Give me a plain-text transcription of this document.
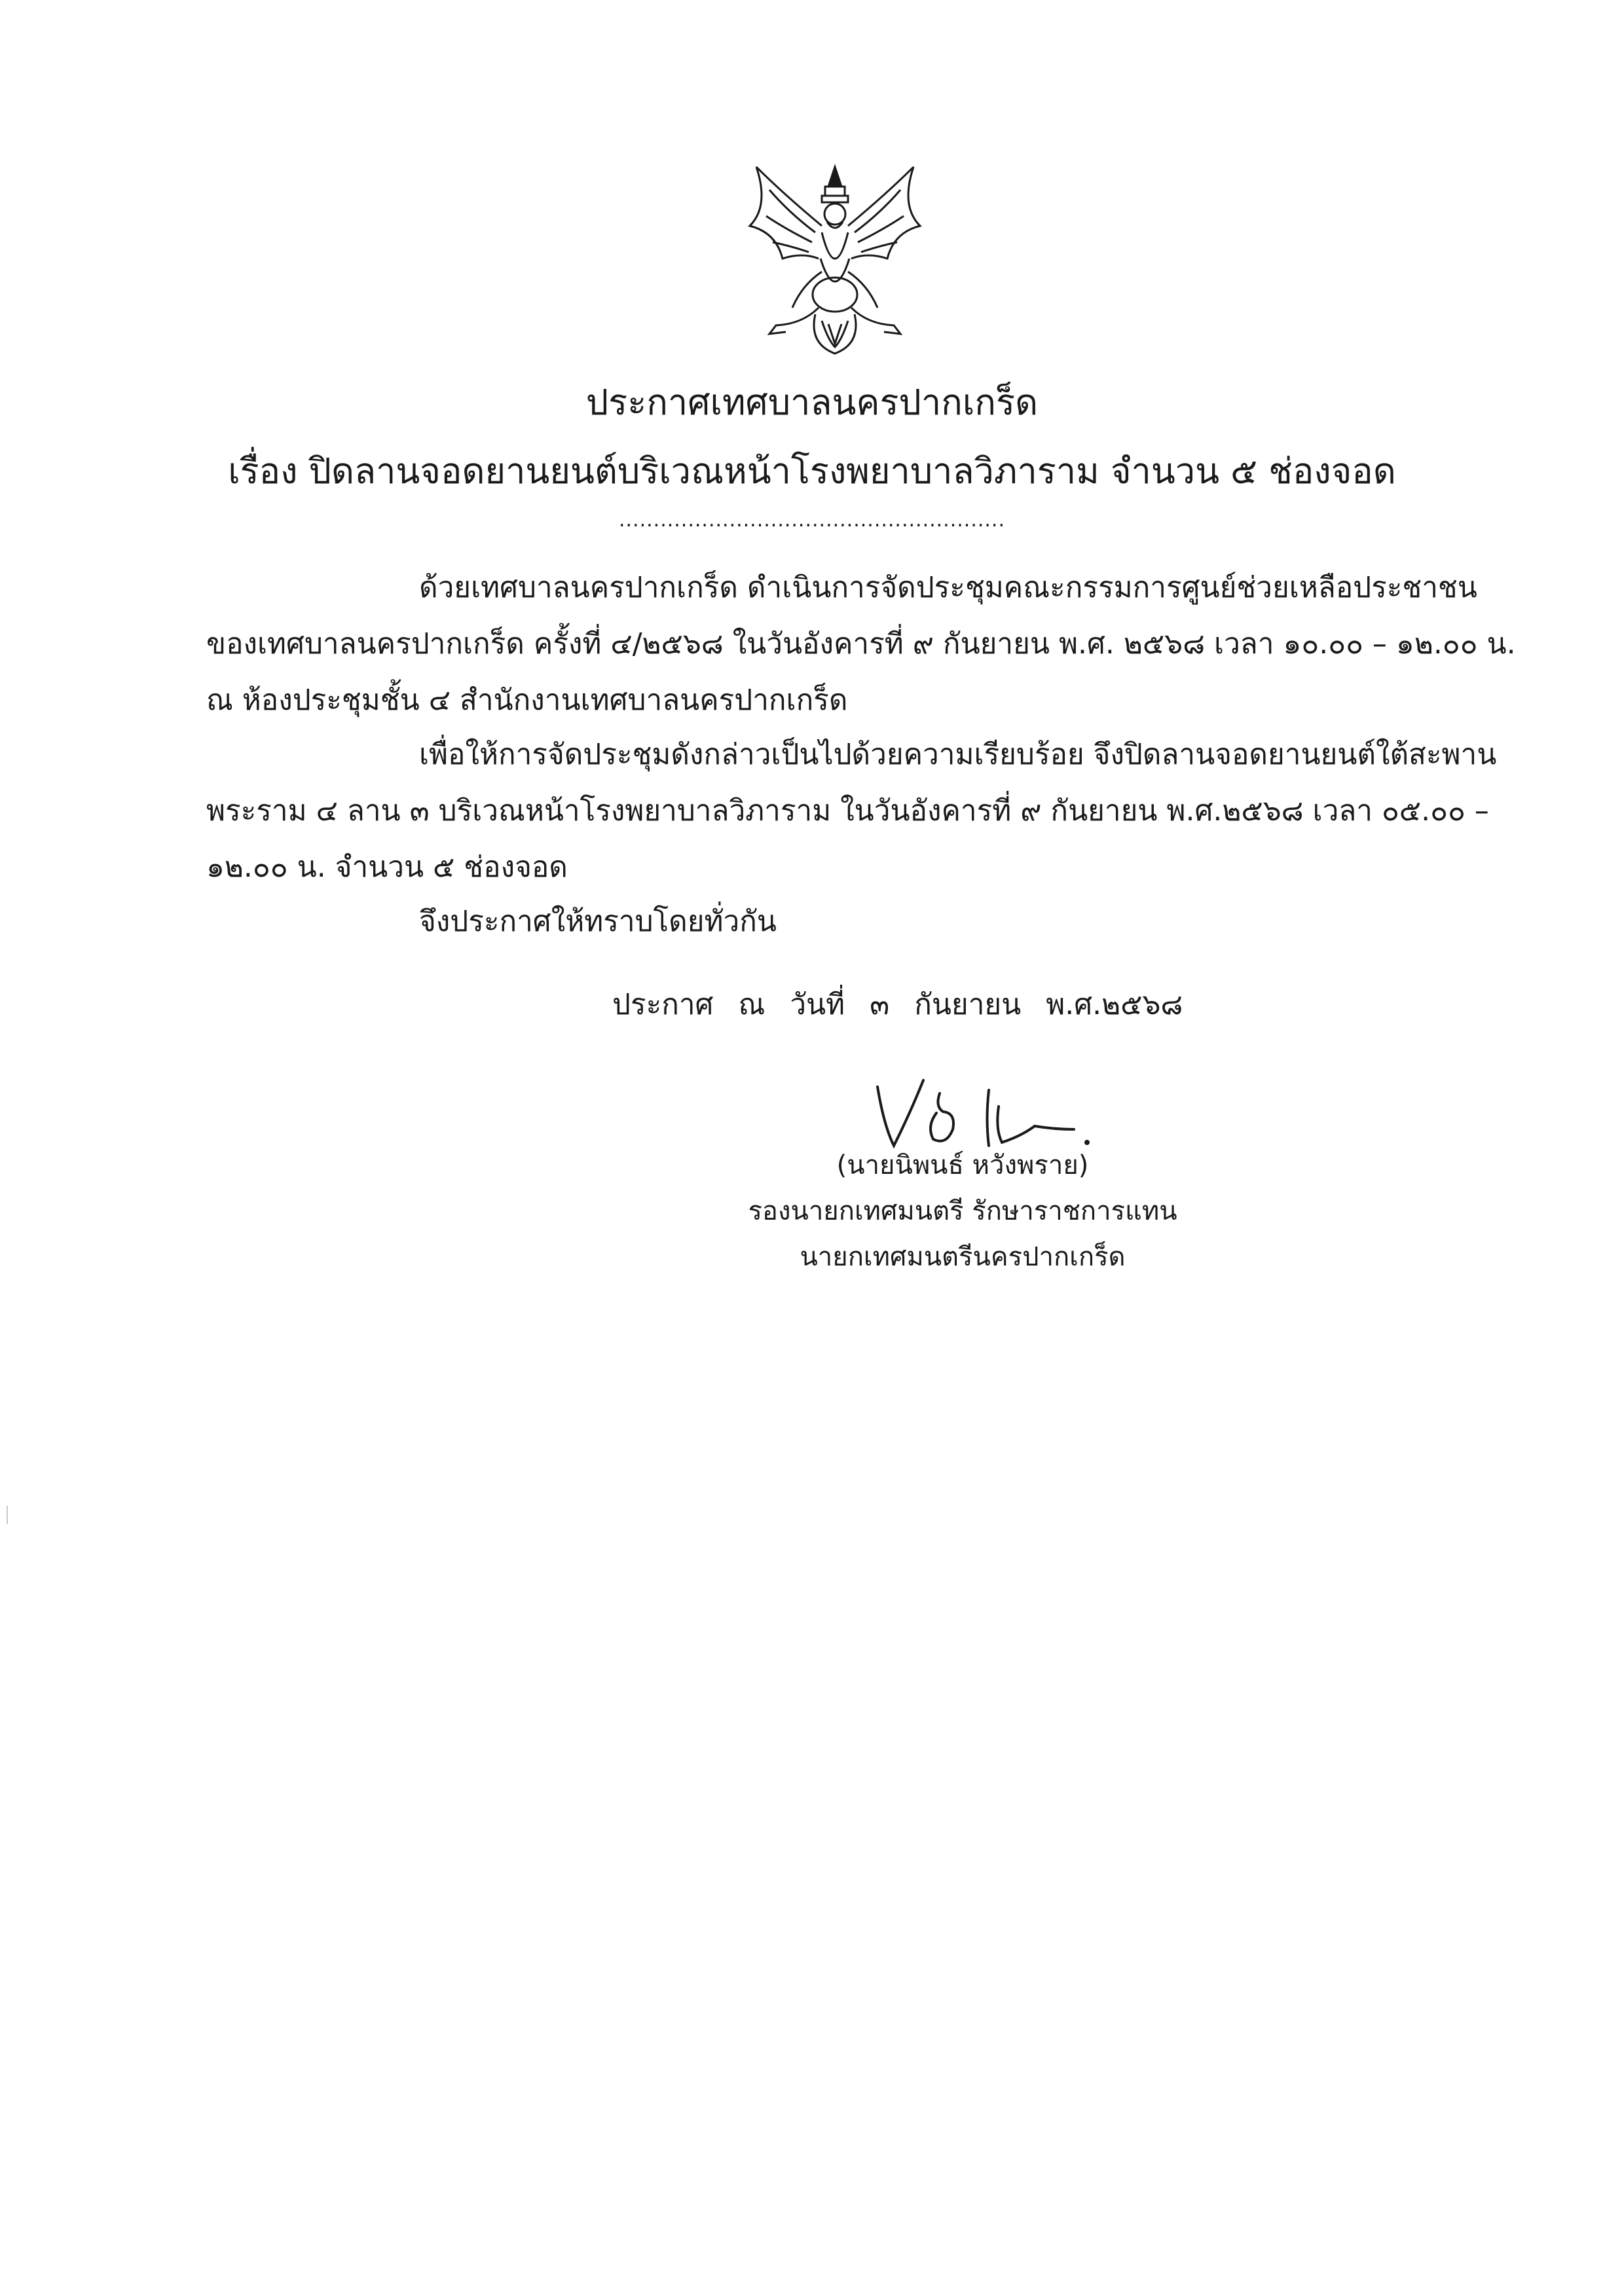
ประกาศเทศบาลนครปากเกร็ด
เรื่อง ปิดลานจอดยานยนต์บริเวณหน้าโรงพยาบาลวิภาราม จำนวน ๕ ช่องจอด
........................................................
ด้วยเทศบาลนครปากเกร็ด ดำเนินการจัดประชุมคณะกรรมการศูนย์ช่วยเหลือประชาชน
ของเทศบาลนครปากเกร็ด ครั้งที่ ๔/๒๕๖๘ ในวันอังคารที่ ๙ กันยายน พ.ศ. ๒๕๖๘ เวลา ๑๐.๐๐ – ๑๒.๐๐ น.
ณ ห้องประชุมชั้น ๔ สำนักงานเทศบาลนครปากเกร็ด
เพื่อให้การจัดประชุมดังกล่าวเป็นไปด้วยความเรียบร้อย จึงปิดลานจอดยานยนต์ใต้สะพาน
พระราม ๔ ลาน ๓ บริเวณหน้าโรงพยาบาลวิภาราม ในวันอังคารที่ ๙ กันยายน พ.ศ.๒๕๖๘ เวลา ๐๕.๐๐ –
๑๒.๐๐ น. จำนวน ๕ ช่องจอด
จึงประกาศให้ทราบโดยทั่วกัน
ประกาศ ณ วันที่ ๓ กันยายน พ.ศ.๒๕๖๘
(นายนิพนธ์ หวังพราย)
รองนายกเทศมนตรี รักษาราชการแทน
นายกเทศมนตรีนครปากเกร็ด
